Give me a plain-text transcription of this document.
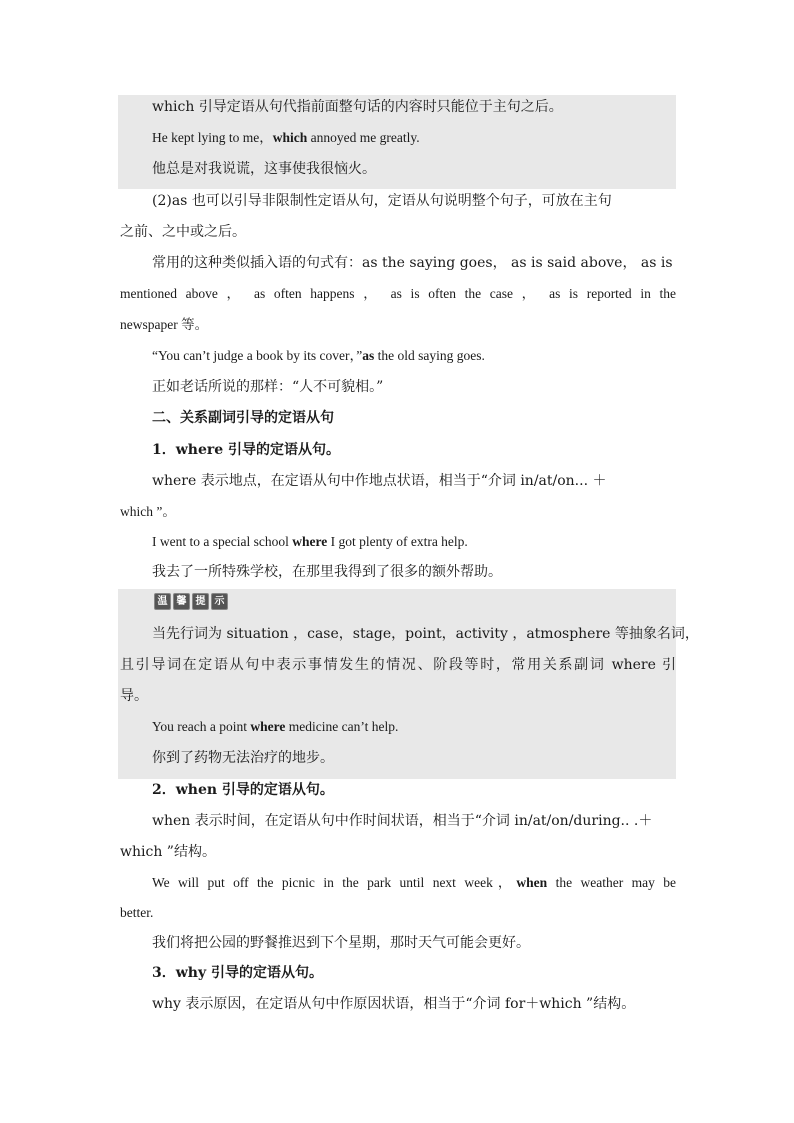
which 引导定语从句代指前面整句话的内容时只能位于主句之后。
He kept lying to me，which annoyed me greatly.
他总是对我说谎，这事使我很恼火。
(2)as 也可以引导非限制性定语从句，定语从句说明整个句子，可放在主句
之前、之中或之后。
常用的这种类似插入语的句式有：as the saying goes， as is said above， as is
mentioned above ， as often happens ， as is often the case ， as is reported in the
newspaper 等。
“You can’t judge a book by its cover，”as the old saying goes.
正如老话所说的那样：“人不可貌相。”
二、关系副词引导的定语从句
1．where 引导的定语从句。
where 表示地点，在定语从句中作地点状语，相当于“介词 in/at/on... ＋
which ”。
I went to a special school where I got plenty of extra help.
我去了一所特殊学校，在那里我得到了很多的额外帮助。
温 馨 提 示
当先行词为 situation ，case，stage，point，activity ，atmosphere 等抽象名词，
且引导词在定语从句中表示事情发生的情况、阶段等时，常用关系副词 where 引
导。
You reach a point where medicine can’t help.
你到了药物无法治疗的地步。
2．when 引导的定语从句。
when 表示时间，在定语从句中作时间状语，相当于“介词 in/at/on/during.. .＋
which ”结构。
We will put off the picnic in the park until next week，when the weather may be
better.
我们将把公园的野餐推迟到下个星期，那时天气可能会更好。
3．why 引导的定语从句。
why 表示原因，在定语从句中作原因状语，相当于“介词 for＋which ”结构。
